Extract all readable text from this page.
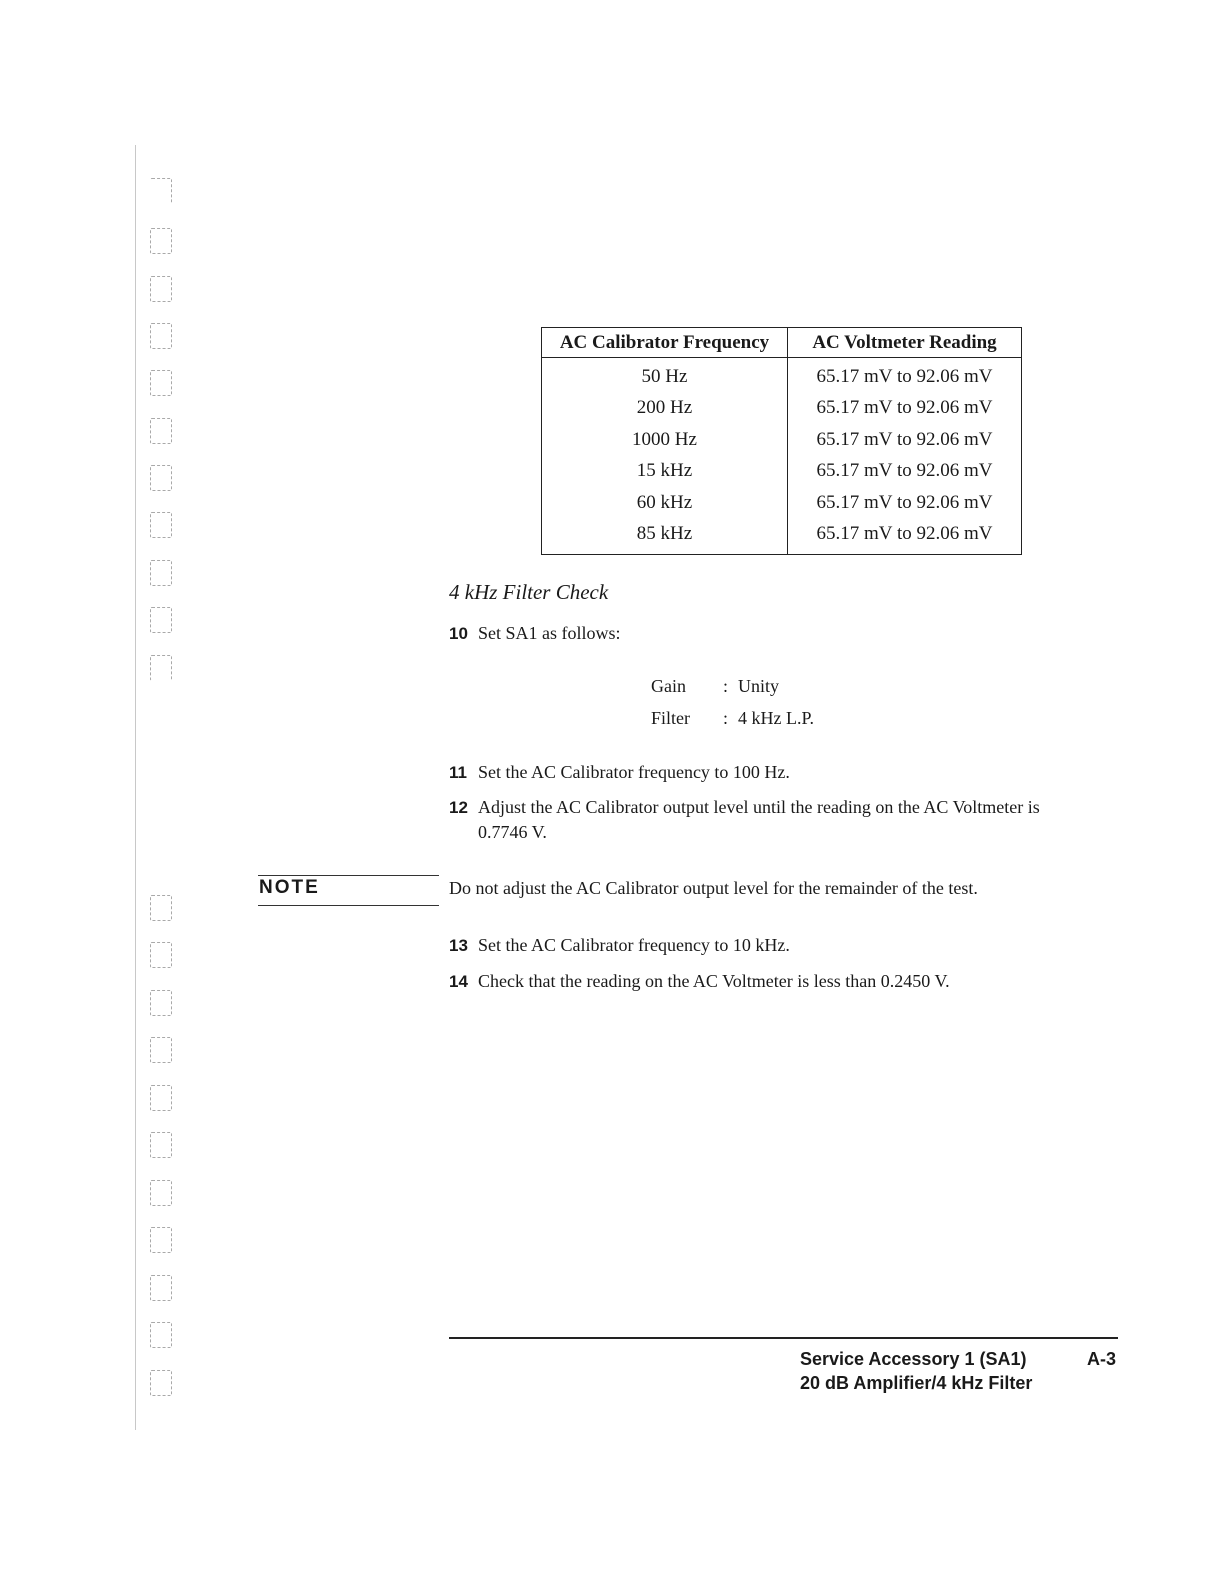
AC Calibrator Frequency	AC Voltmeter Reading
50 Hz	65.17 mV to 92.06 mV
200 Hz	65.17 mV to 92.06 mV
1000 Hz	65.17 mV to 92.06 mV
15 kHz	65.17 mV to 92.06 mV
60 kHz	65.17 mV to 92.06 mV
85 kHz	65.17 mV to 92.06 mV
4 kHz Filter Check
10 Set SA1 as follows:
Gain : Unity
Filter : 4 kHz L.P.
11 Set the AC Calibrator frequency to 100 Hz.
12 Adjust the AC Calibrator output level until the reading on the AC Voltmeter is
0.7746 V.
NOTE	Do not adjust the AC Calibrator output level for the remainder of the test.
13 Set the AC Calibrator frequency to 10 kHz.
14 Check that the reading on the AC Voltmeter is less than 0.2450 V.
Service Accessory 1 (SA1)
20 dB Amplifier/4 kHz Filter
A-3
